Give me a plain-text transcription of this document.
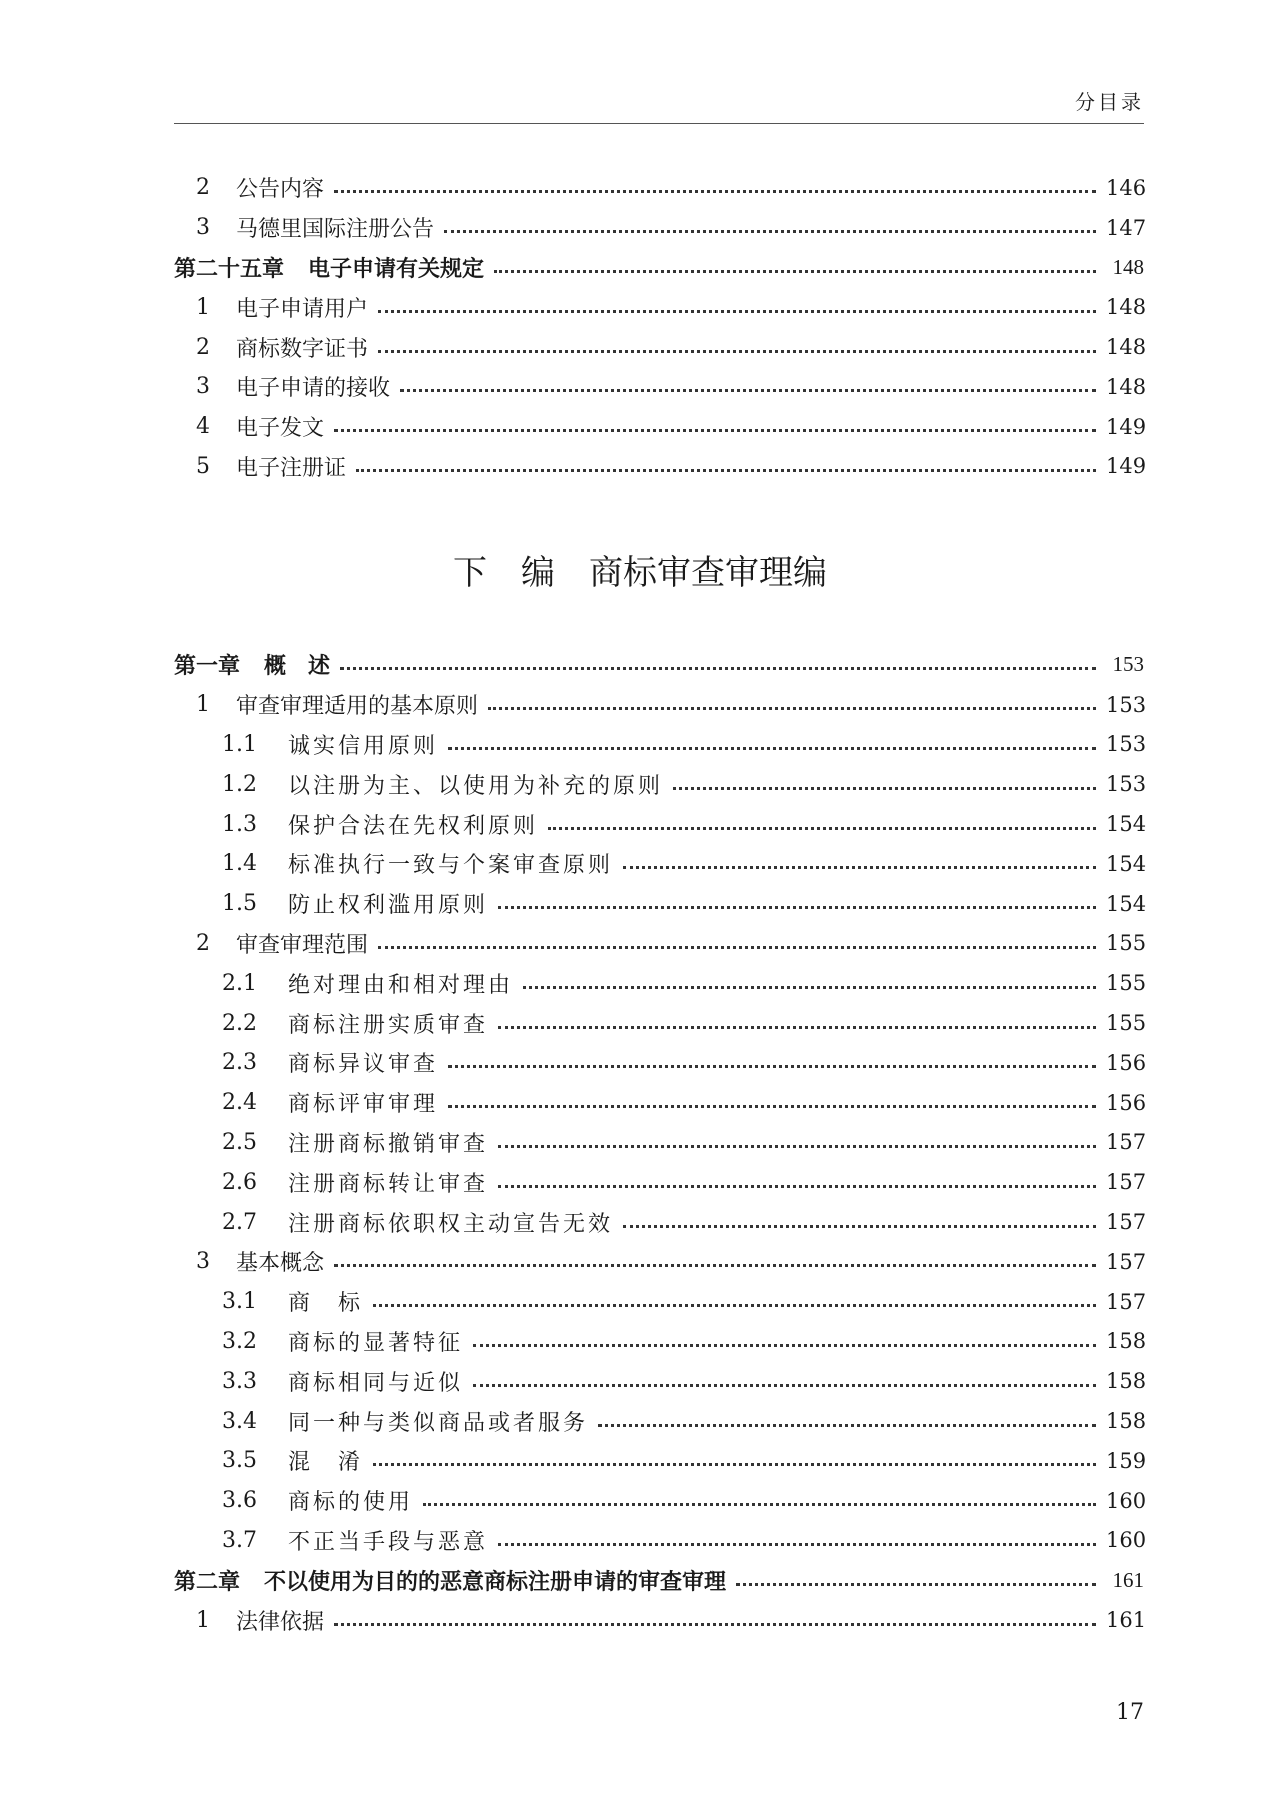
分目录
2	公告内容	146
3	马德里国际注册公告	147
第二十五章	电子申请有关规定	148
1	电子申请用户	148
2	商标数字证书	148
3	电子申请的接收	148
4	电子发文	149
5	电子注册证	149
下　编　商标审查审理编
第一章	概　述	153
1	审查审理适用的基本原则	153
1.1	诚实信用原则	153
1.2	以注册为主、以使用为补充的原则	153
1.3	保护合法在先权利原则	154
1.4	标准执行一致与个案审查原则	154
1.5	防止权利滥用原则	154
2	审查审理范围	155
2.1	绝对理由和相对理由	155
2.2	商标注册实质审查	155
2.3	商标异议审查	156
2.4	商标评审审理	156
2.5	注册商标撤销审查	157
2.6	注册商标转让审查	157
2.7	注册商标依职权主动宣告无效	157
3	基本概念	157
3.1	商　标	157
3.2	商标的显著特征	158
3.3	商标相同与近似	158
3.4	同一种与类似商品或者服务	158
3.5	混　淆	159
3.6	商标的使用	160
3.7	不正当手段与恶意	160
第二章	不以使用为目的的恶意商标注册申请的审查审理	161
1	法律依据	161
17
